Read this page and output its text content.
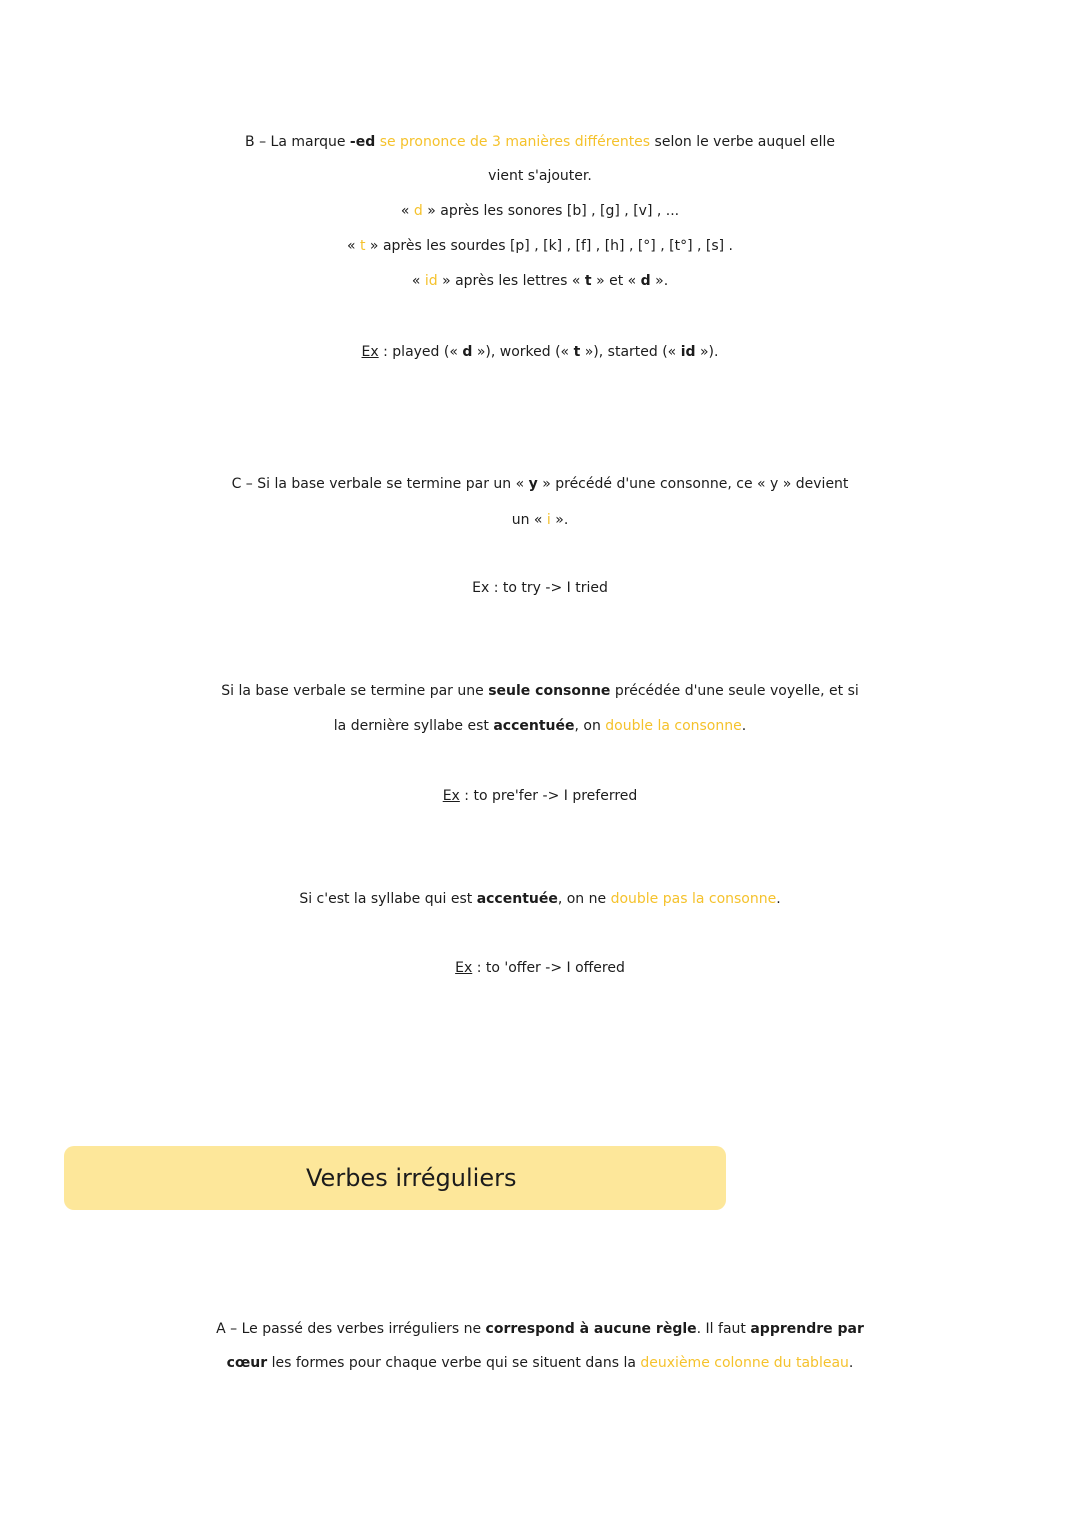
B – La marque -ed se prononce de 3 manières différentes selon le verbe auquel elle
vient s'ajouter.
« d » après les sonores [b] , [g] , [v] , ...
« t » après les sourdes [p] , [k] , [f] , [h] , [°] , [t°] , [s] .
« id » après les lettres « t » et « d ».
Ex : played (« d »), worked (« t »), started (« id »).
C – Si la base verbale se termine par un « y » précédé d'une consonne, ce « y » devient
un « i ».
Ex : to try -> I tried
Si la base verbale se termine par une seule consonne précédée d'une seule voyelle, et si
la dernière syllabe est accentuée, on double la consonne.
Ex : to pre'fer -> I preferred
Si c'est la syllabe qui est accentuée, on ne double pas la consonne.
Ex : to 'offer -> I offered
Verbes irréguliers
A – Le passé des verbes irréguliers ne correspond à aucune règle. Il faut apprendre par
cœur les formes pour chaque verbe qui se situent dans la deuxième colonne du tableau.
